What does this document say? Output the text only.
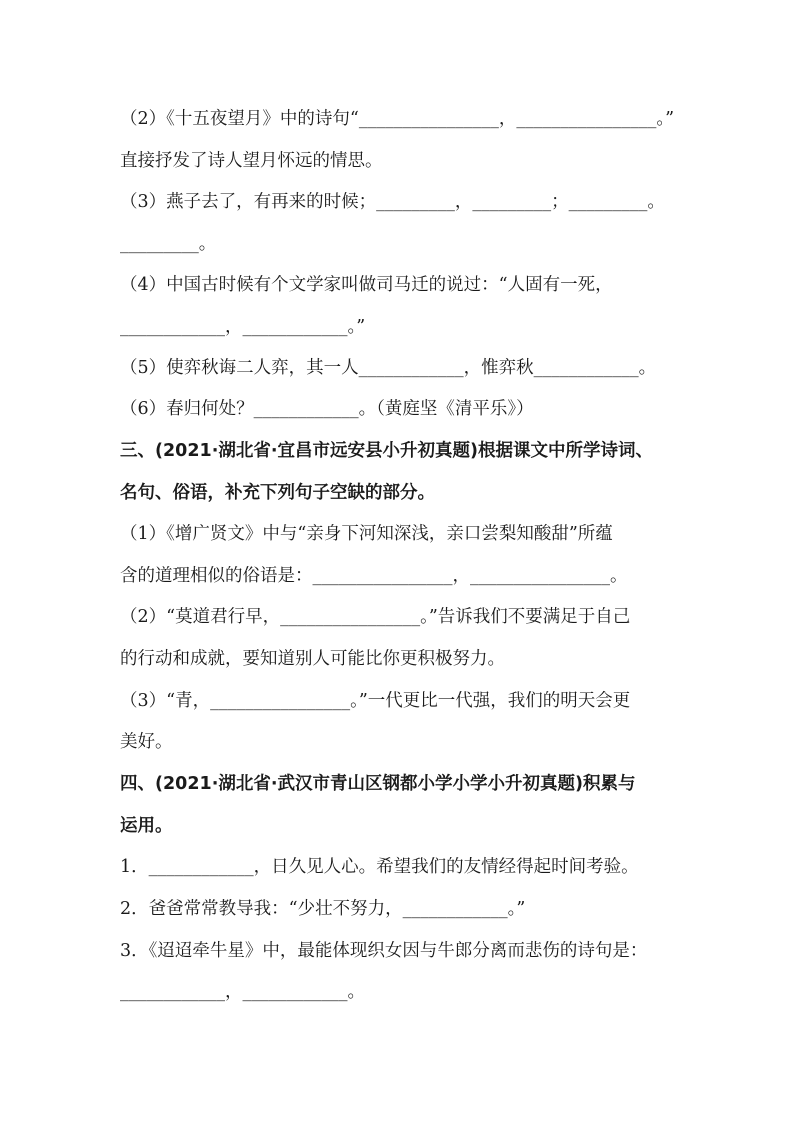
（2）《十五夜望月》中的诗句“________________，________________。”
直接抒发了诗人望月怀远的情思。
（3）燕子去了，有再来的时候；_________，_________；_________。
_________。
（4）中国古时候有个文学家叫做司马迁的说过：“人固有一死，
____________，____________。”
（5）使弈秋诲二人弈，其一人____________，惟弈秋____________。
（6）春归何处？____________。（黄庭坚《清平乐》）
三、(2021·湖北省·宜昌市远安县小升初真题)根据课文中所学诗词、
名句、俗语，补充下列句子空缺的部分。
（1）《增广贤文》中与“亲身下河知深浅，亲口尝梨知酸甜”所蕴
含的道理相似的俗语是：________________，________________。
（2）“莫道君行早，________________。”告诉我们不要满足于自己
的行动和成就，要知道别人可能比你更积极努力。
（3）“青，________________。”一代更比一代强，我们的明天会更
美好。
四、(2021·湖北省·武汉市青山区钢都小学小学小升初真题)积累与
运用。
1．____________，日久见人心。希望我们的友情经得起时间考验。
2．爸爸常常教导我：“少壮不努力，____________。”
3．《迢迢牵牛星》中，最能体现织女因与牛郎分离而悲伤的诗句是：
____________，____________。
